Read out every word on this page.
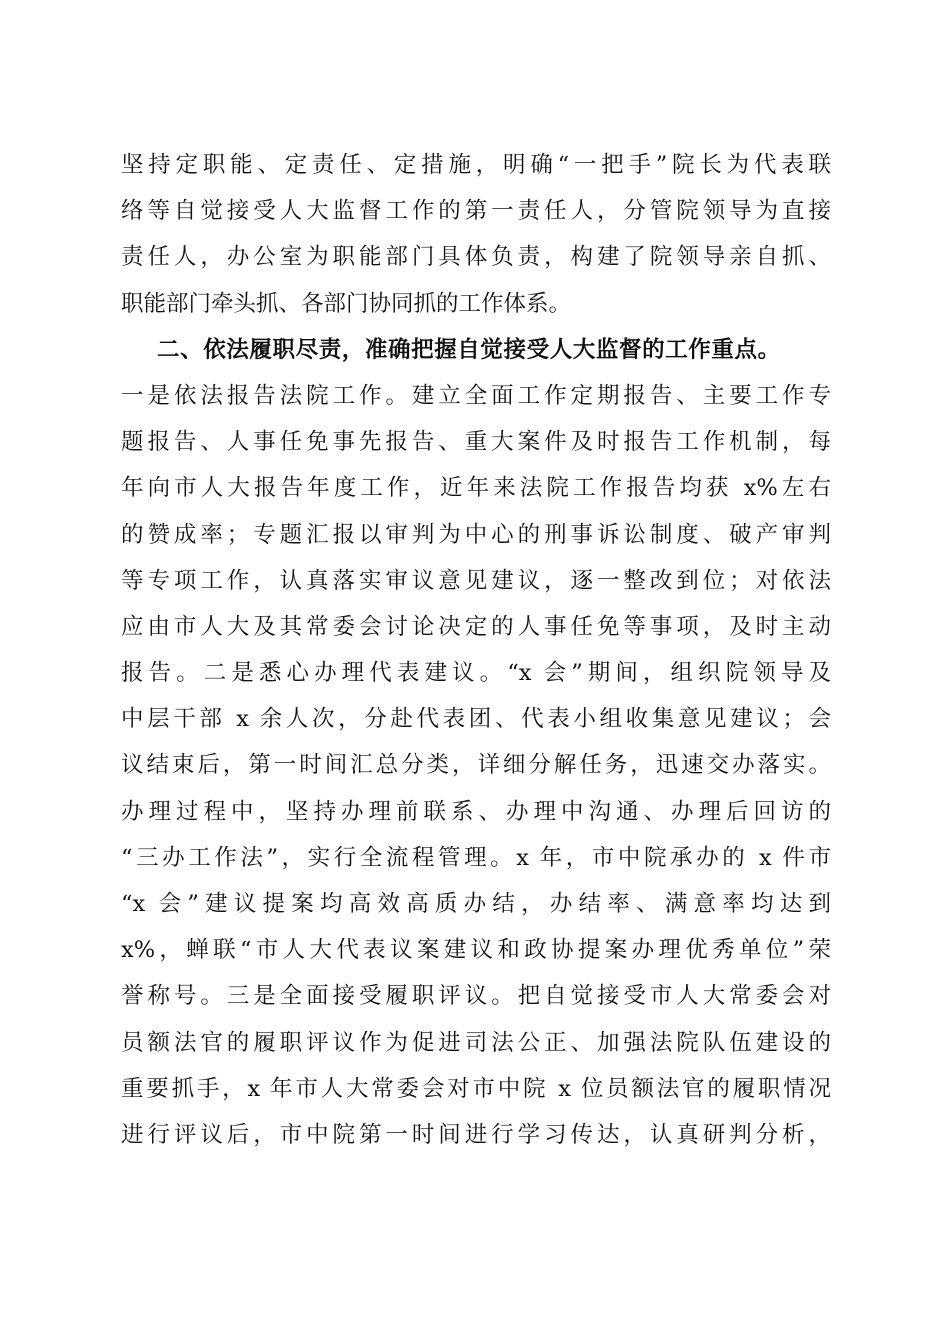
坚持定职能、定责任、定措施，明确“一把手”院长为代表联
络等自觉接受人大监督工作的第一责任人，分管院领导为直接
责任人，办公室为职能部门具体负责，构建了院领导亲自抓、
职能部门牵头抓、各部门协同抓的工作体系。
二、依法履职尽责，准确把握自觉接受人大监督的工作重点。
一是依法报告法院工作。建立全面工作定期报告、主要工作专
题报告、人事任免事先报告、重大案件及时报告工作机制，每
年向市人大报告年度工作，近年来法院工作报告均获 x%左右
的赞成率；专题汇报以审判为中心的刑事诉讼制度、破产审判
等专项工作，认真落实审议意见建议，逐一整改到位；对依法
应由市人大及其常委会讨论决定的人事任免等事项，及时主动
报告。二是悉心办理代表建议。“x 会”期间，组织院领导及
中层干部 x 余人次，分赴代表团、代表小组收集意见建议；会
议结束后，第一时间汇总分类，详细分解任务，迅速交办落实。
办理过程中，坚持办理前联系、办理中沟通、办理后回访的
“三办工作法”，实行全流程管理。x 年，市中院承办的 x 件市
“x 会”建议提案均高效高质办结，办结率、满意率均达到
x%，蝉联“市人大代表议案建议和政协提案办理优秀单位”荣
誉称号。三是全面接受履职评议。把自觉接受市人大常委会对
员额法官的履职评议作为促进司法公正、加强法院队伍建设的
重要抓手，x 年市人大常委会对市中院 x 位员额法官的履职情况
进行评议后，市中院第一时间进行学习传达，认真研判分析，
